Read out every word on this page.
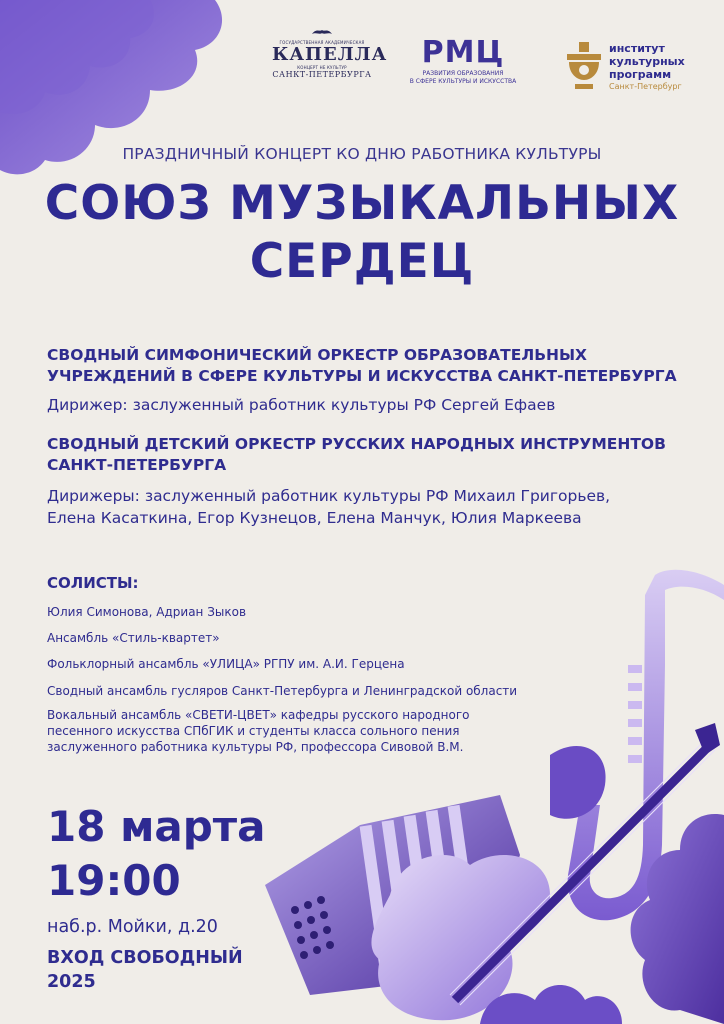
ГОСУДАРСТВЕННАЯ АКАДЕМИЧЕСКАЯ
КАПЕЛЛА
КОНЦЕРТ НЕ КУЛЬТУР
САНКТ-ПЕТЕРБУРГА
РМЦ
РАЗВИТИЯ ОБРАЗОВАНИЯ
В СФЕРЕ КУЛЬТУРЫ И ИСКУССТВА
институт
культурных
программ
Санкт-Петербург
ПРАЗДНИЧНЫЙ КОНЦЕРТ КО ДНЮ РАБОТНИКА КУЛЬТУРЫ
СОЮЗ МУЗЫКАЛЬНЫХ
СЕРДЕЦ
СВОДНЫЙ СИМФОНИЧЕСКИЙ ОРКЕСТР ОБРАЗОВАТЕЛЬНЫХ
УЧРЕЖДЕНИЙ В СФЕРЕ КУЛЬТУРЫ И ИСКУССТВА САНКТ-ПЕТЕРБУРГА
Дирижер: заслуженный работник культуры РФ Сергей Ефаев
СВОДНЫЙ ДЕТСКИЙ ОРКЕСТР РУССКИХ НАРОДНЫХ ИНСТРУМЕНТОВ
САНКТ-ПЕТЕРБУРГА
Дирижеры: заслуженный работник культуры РФ Михаил Григорьев,
Елена Касаткина, Егор Кузнецов, Елена Манчук, Юлия Маркеева
СОЛИСТЫ:
Юлия Симонова, Адриан Зыков
Ансамбль «Стиль-квартет»
Фольклорный ансамбль «УЛИЦА» РГПУ им. А.И. Герцена
Сводный ансамбль гусляров Санкт-Петербурга и Ленинградской области
Вокальный ансамбль «СВЕТИ-ЦВЕТ» кафедры русского народного
песенного искусства СПбГИК и студенты класса сольного пения
заслуженного работника культуры РФ, профессора Сивовой В.М.
18 марта
19:00
наб.р. Мойки, д.20
ВХОД СВОБОДНЫЙ
2025
